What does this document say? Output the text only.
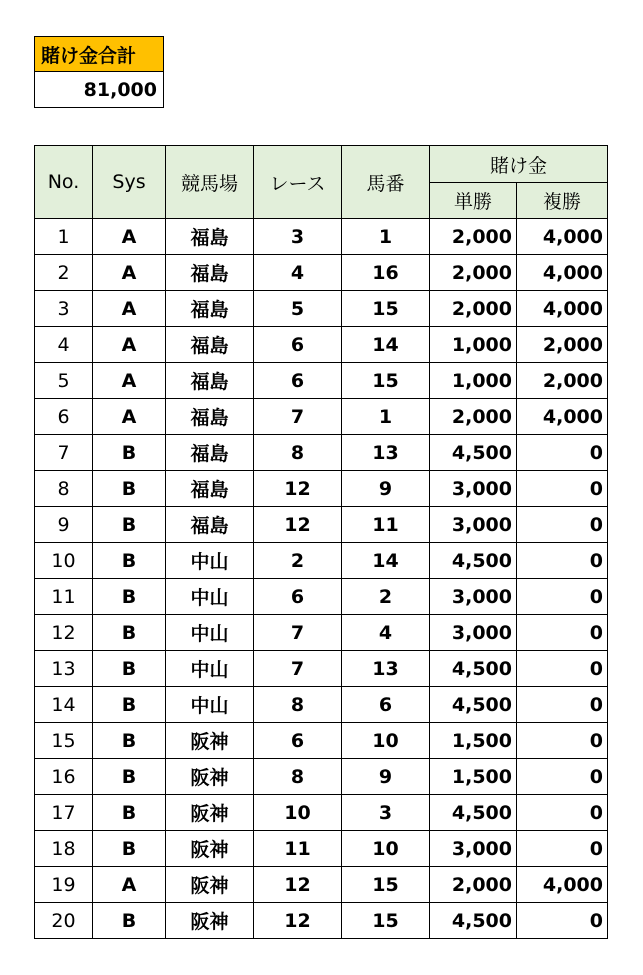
賭け金合計
81,000
No.	Sys	競馬場	レース	馬番	賭け金	
					単勝	複勝
1	A	福島	3	1	2,000	4,000
2	A	福島	4	16	2,000	4,000
3	A	福島	5	15	2,000	4,000
4	A	福島	6	14	1,000	2,000
5	A	福島	6	15	1,000	2,000
6	A	福島	7	1	2,000	4,000
7	B	福島	8	13	4,500	0
8	B	福島	12	9	3,000	0
9	B	福島	12	11	3,000	0
10	B	中山	2	14	4,500	0
11	B	中山	6	2	3,000	0
12	B	中山	7	4	3,000	0
13	B	中山	7	13	4,500	0
14	B	中山	8	6	4,500	0
15	B	阪神	6	10	1,500	0
16	B	阪神	8	9	1,500	0
17	B	阪神	10	3	4,500	0
18	B	阪神	11	10	3,000	0
19	A	阪神	12	15	2,000	4,000
20	B	阪神	12	15	4,500	0
